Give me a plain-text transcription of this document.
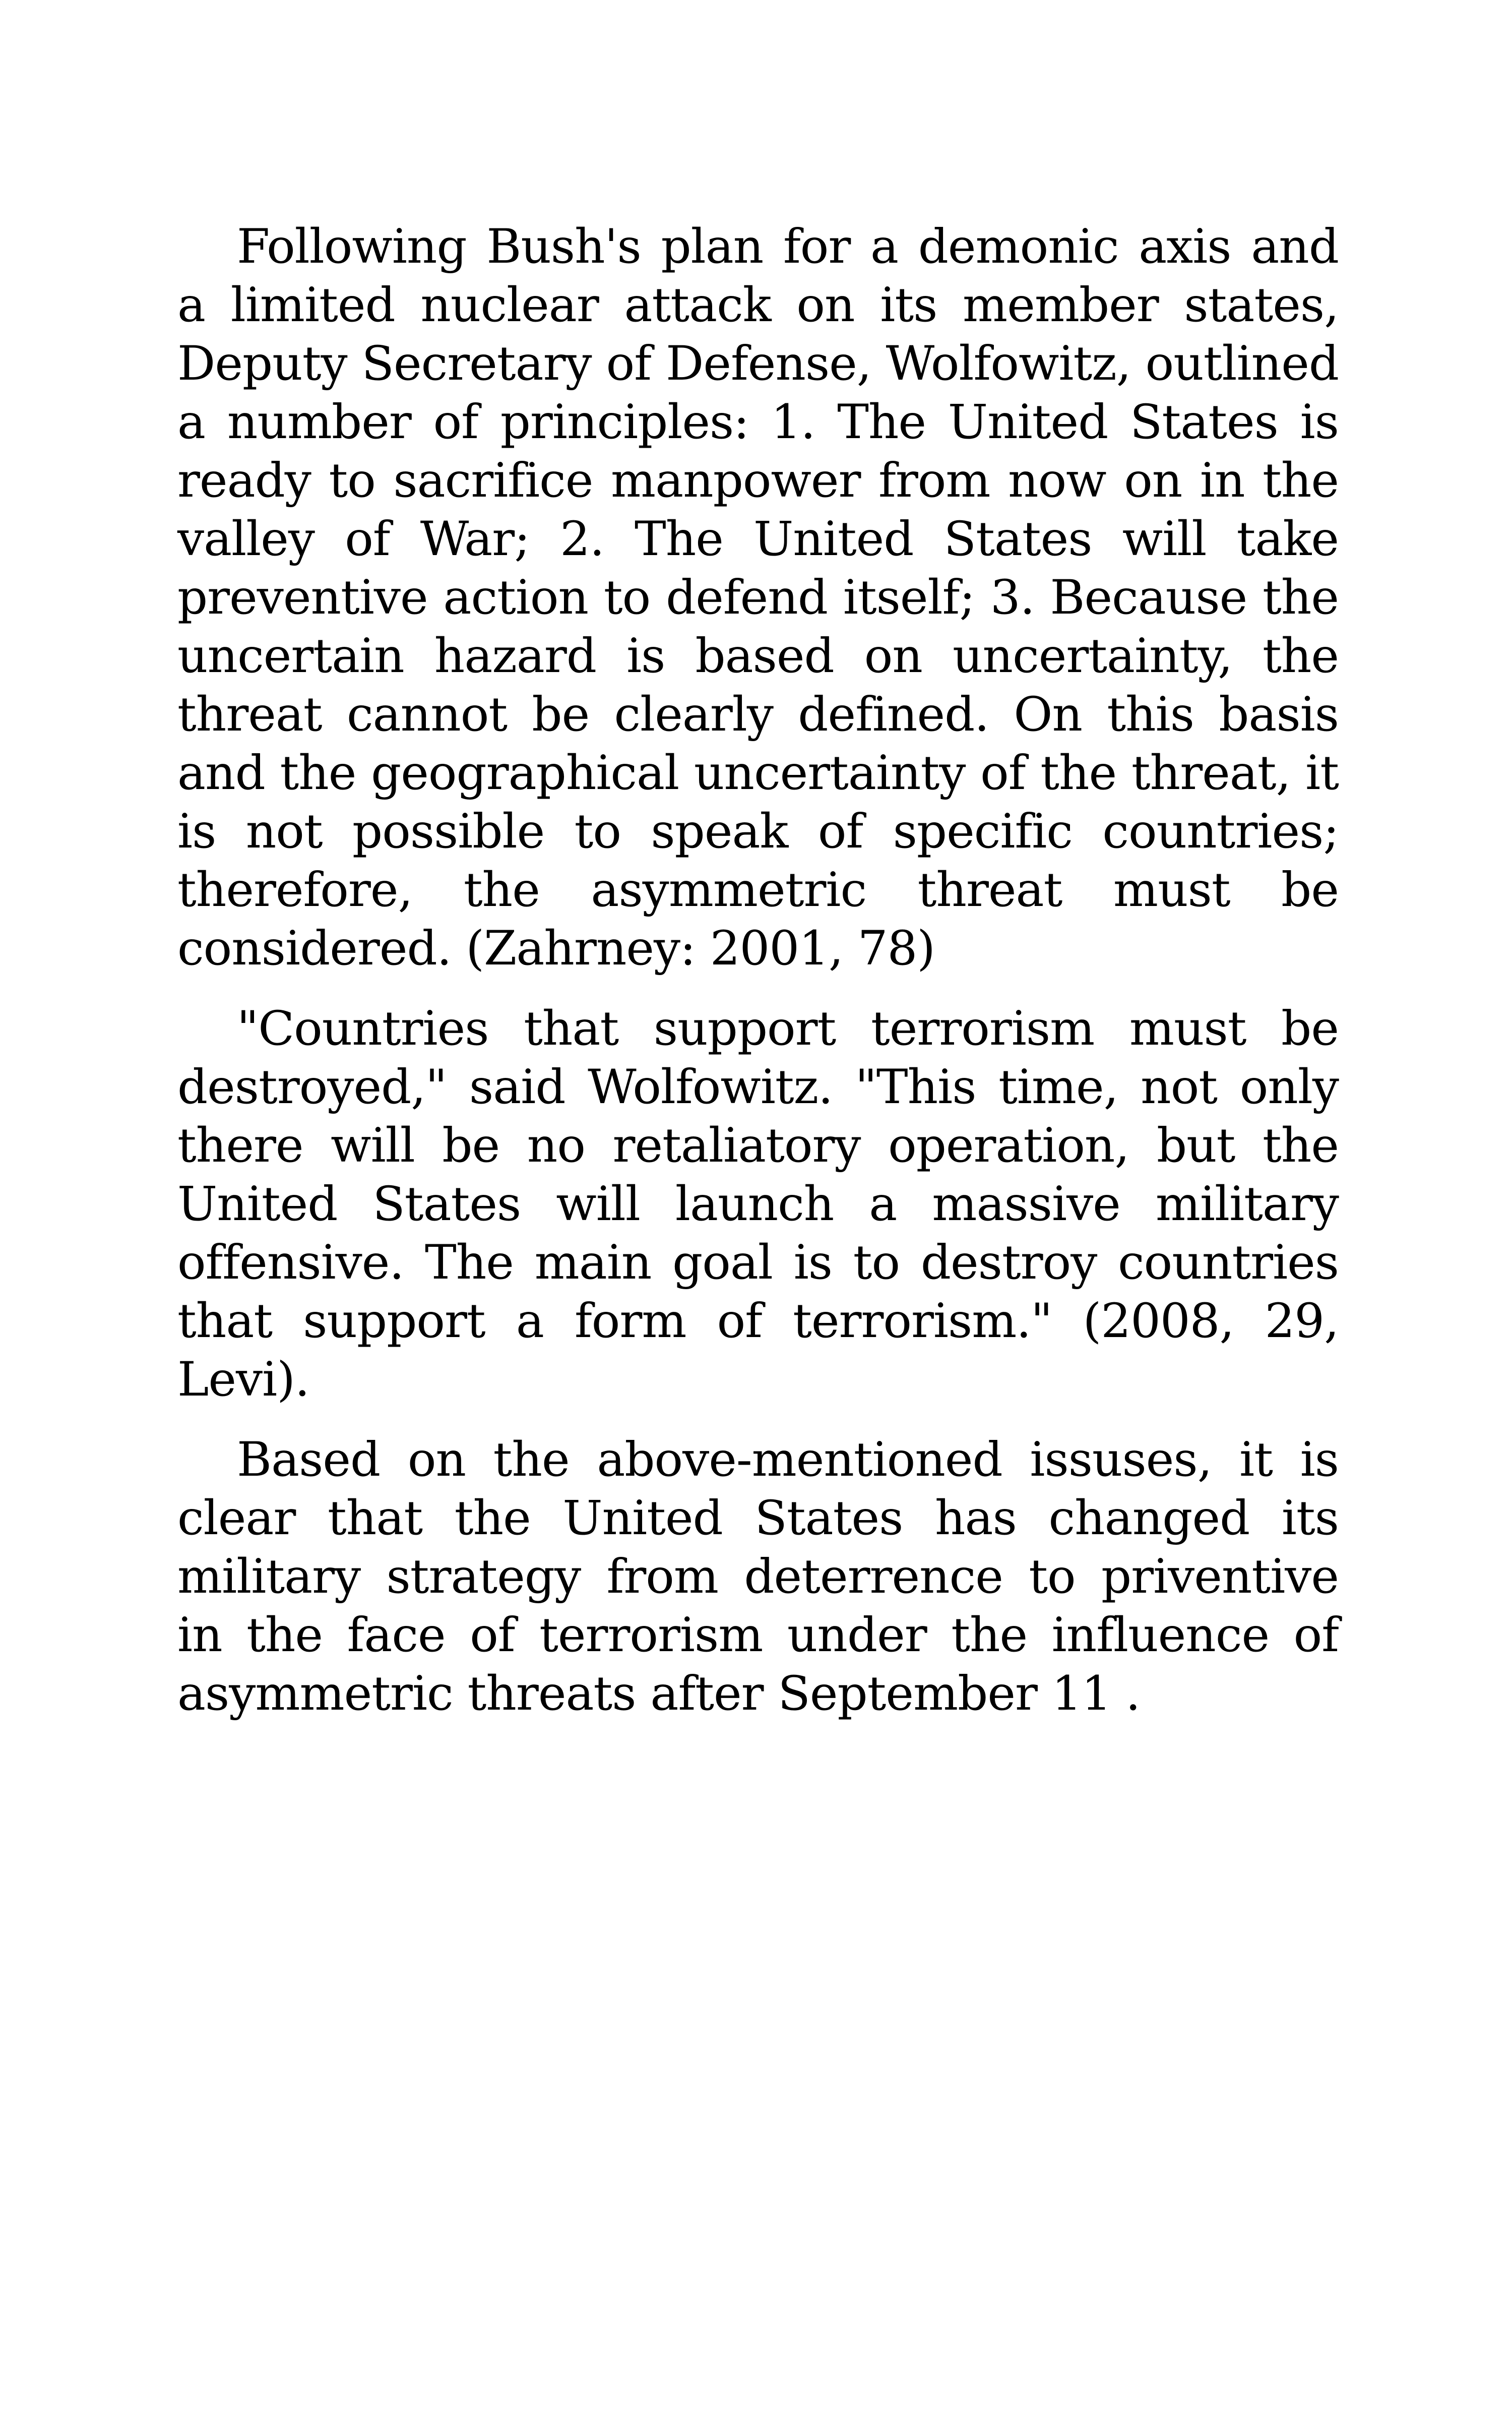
Following Bush's plan for a demonic axis and a limited nuclear attack on its member states, Deputy Secretary of Defense, Wolfowitz, outlined a number of principles: 1. The United States is ready to sacrifice manpower from now on in the valley of War; 2. The United States will take preventive action to defend itself; 3. Because the uncertain hazard is based on uncertainty, the threat cannot be clearly defined. On this basis and the geographical uncertainty of the threat, it is not possible to speak of specific countries; therefore, the asymmetric threat must be considered. (Zahrney: 2001, 78)

"Countries that support terrorism must be destroyed," said Wolfowitz. "This time, not only there will be no retaliatory operation, but the United States will launch a massive military offensive. The main goal is to destroy countries that support a form of terrorism." (2008, 29, Levi).

Based on the above-mentioned issuses, it is clear that the United States has changed its military strategy from deterrence to priventive in the face of terrorism under the influence of asymmetric threats after September 11 .
